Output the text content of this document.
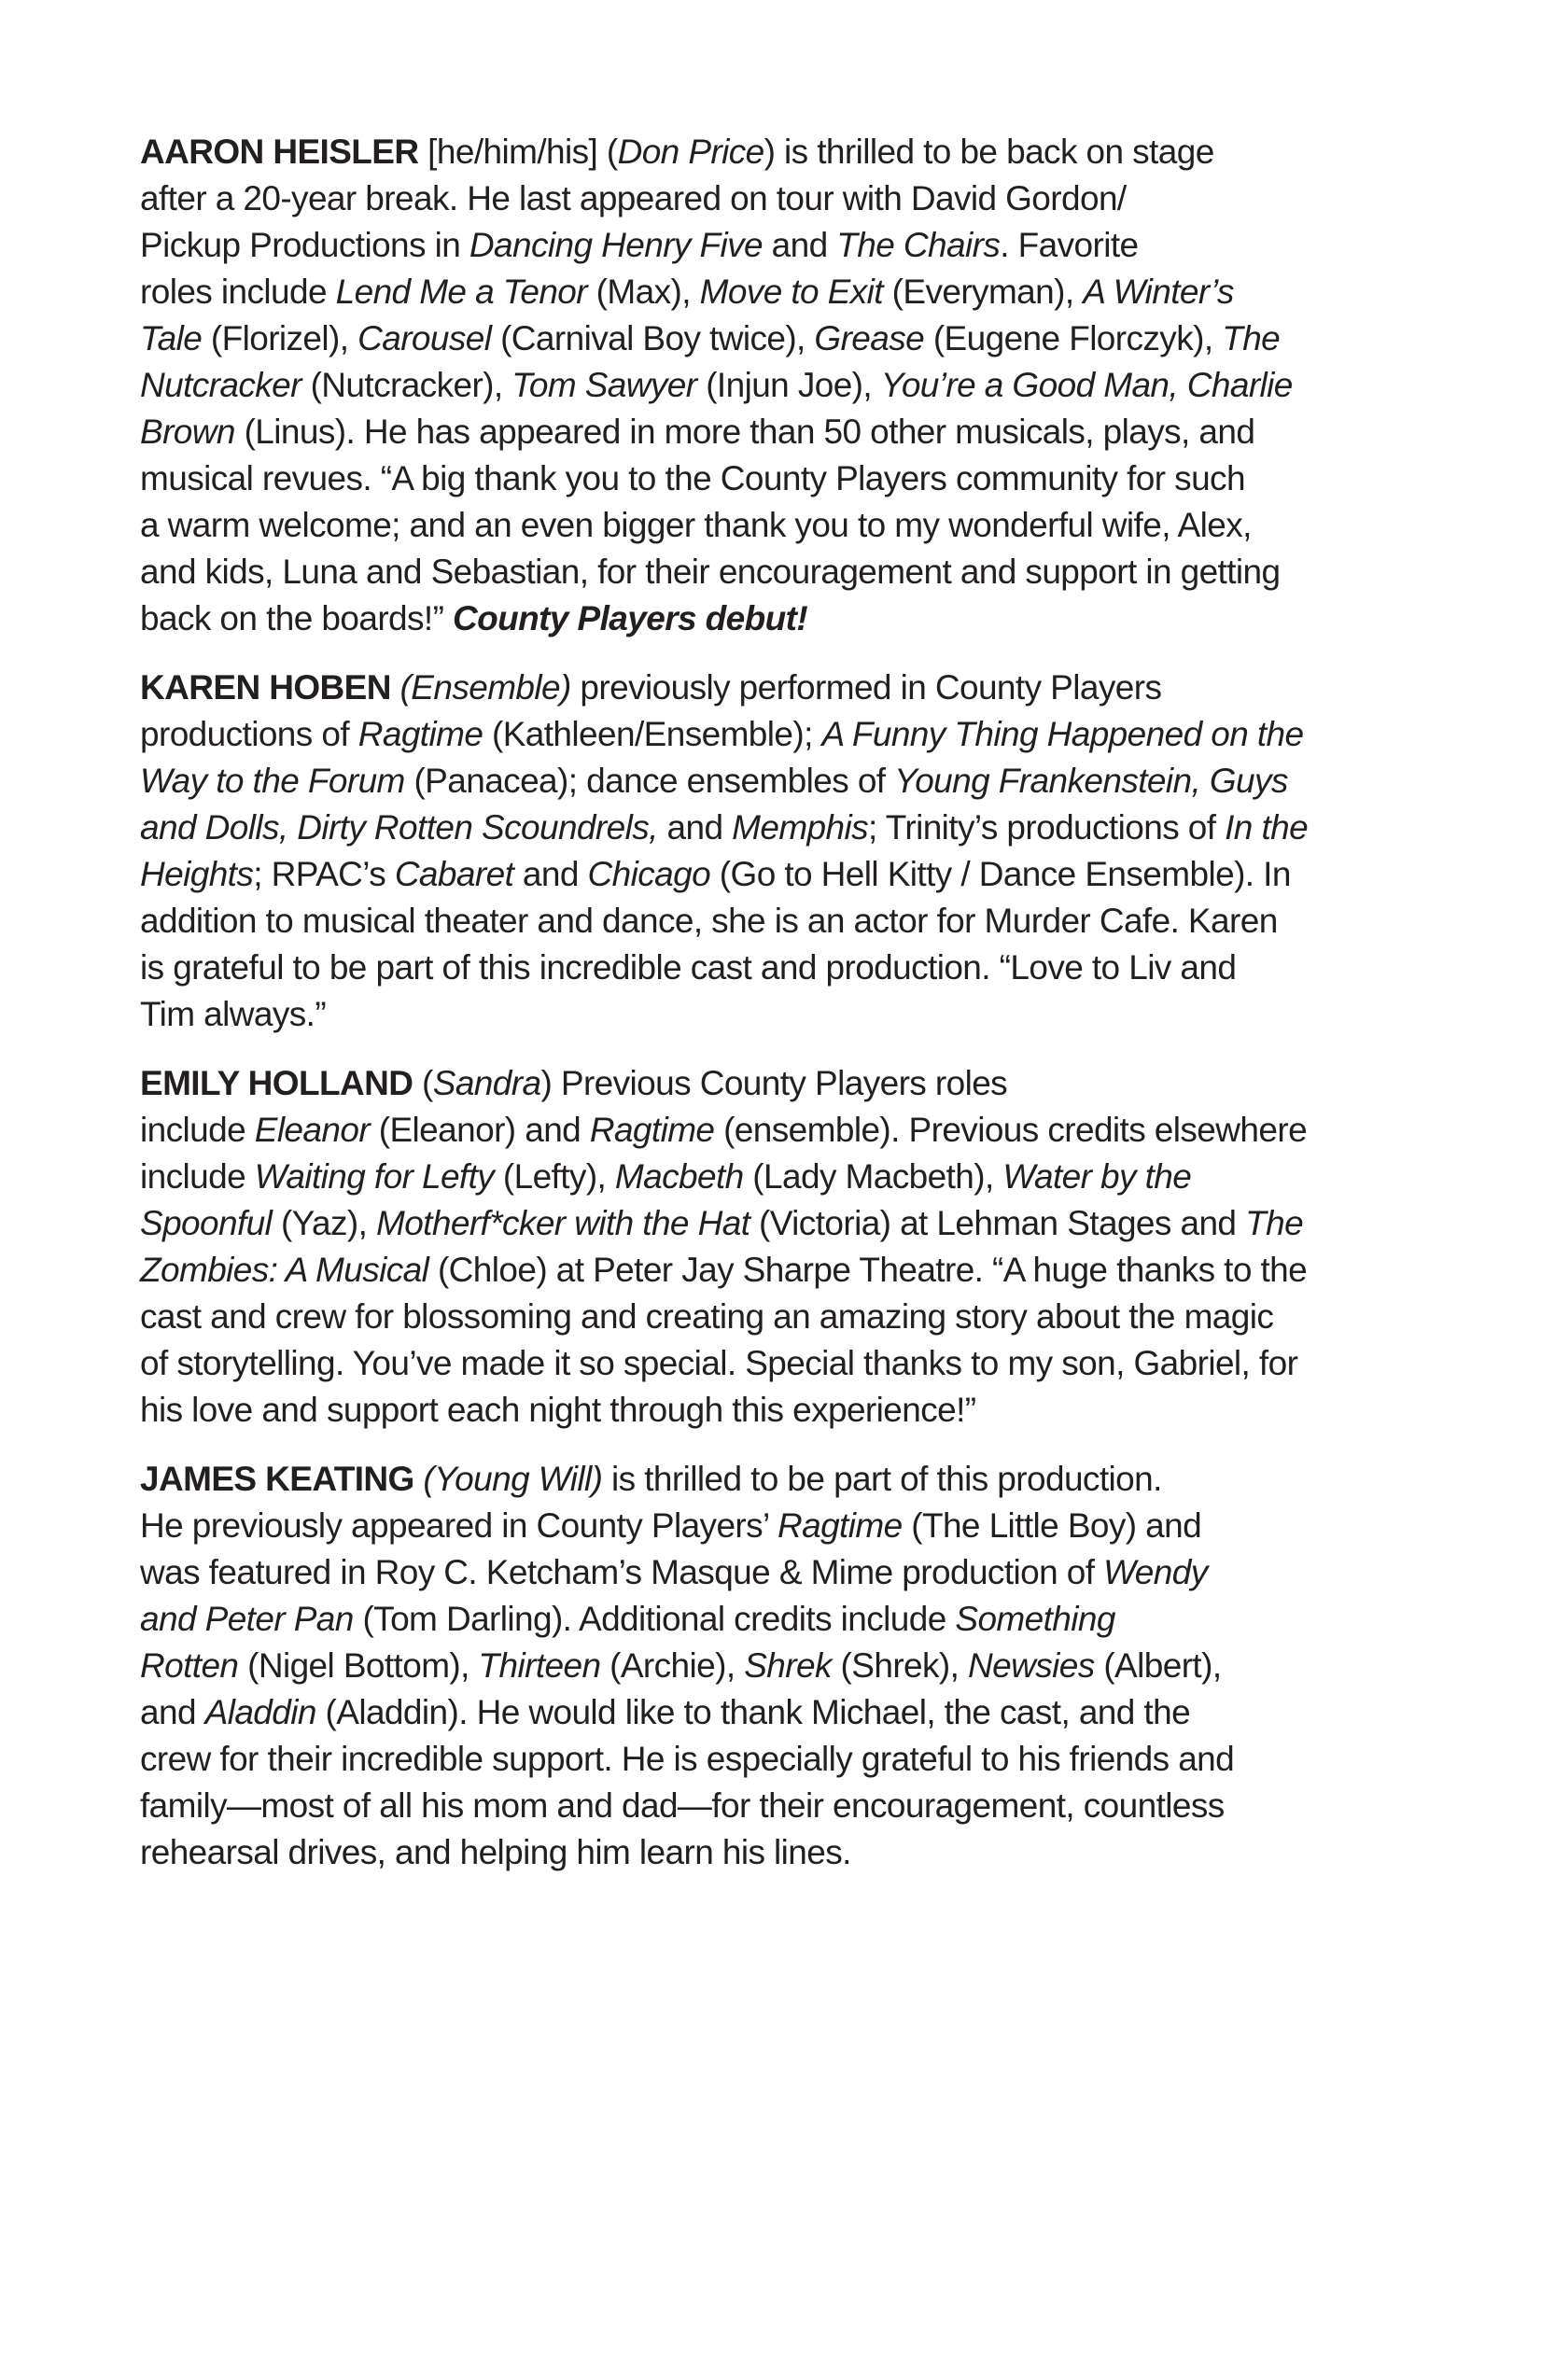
AARON HEISLER [he/him/his] (Don Price) is thrilled to be back on stage
after a 20-year break. He last appeared on tour with David Gordon/
Pickup Productions in Dancing Henry Five and The Chairs. Favorite
roles include Lend Me a Tenor (Max), Move to Exit (Everyman), A Winter’s
Tale (Florizel), Carousel (Carnival Boy twice), Grease (Eugene Florczyk), The
Nutcracker (Nutcracker), Tom Sawyer (Injun Joe), You’re a Good Man, Charlie
Brown (Linus). He has appeared in more than 50 other musicals, plays, and
musical revues. “A big thank you to the County Players community for such
a warm welcome; and an even bigger thank you to my wonderful wife, Alex,
and kids, Luna and Sebastian, for their encouragement and support in getting
back on the boards!” County Players debut!

KAREN HOBEN (Ensemble) previously performed in County Players
productions of Ragtime (Kathleen/Ensemble); A Funny Thing Happened on the
Way to the Forum (Panacea); dance ensembles of Young Frankenstein, Guys
and Dolls, Dirty Rotten Scoundrels, and Memphis; Trinity’s productions of In the
Heights; RPAC’s Cabaret and Chicago (Go to Hell Kitty / Dance Ensemble). In
addition to musical theater and dance, she is an actor for Murder Cafe. Karen
is grateful to be part of this incredible cast and production. “Love to Liv and
Tim always.”

EMILY HOLLAND (Sandra) Previous County Players roles
include Eleanor (Eleanor) and Ragtime (ensemble). Previous credits elsewhere
include Waiting for Lefty (Lefty), Macbeth (Lady Macbeth), Water by the
Spoonful (Yaz), Motherf*cker with the Hat (Victoria) at Lehman Stages and The
Zombies: A Musical (Chloe) at Peter Jay Sharpe Theatre. “A huge thanks to the
cast and crew for blossoming and creating an amazing story about the magic
of storytelling. You’ve made it so special. Special thanks to my son, Gabriel, for
his love and support each night through this experience!”

JAMES KEATING (Young Will) is thrilled to be part of this production.
He previously appeared in County Players’ Ragtime (The Little Boy) and
was featured in Roy C. Ketcham’s Masque & Mime production of Wendy
and Peter Pan (Tom Darling). Additional credits include Something
Rotten (Nigel Bottom), Thirteen (Archie), Shrek (Shrek), Newsies (Albert),
and Aladdin (Aladdin). He would like to thank Michael, the cast, and the
crew for their incredible support. He is especially grateful to his friends and
family—most of all his mom and dad—for their encouragement, countless
rehearsal drives, and helping him learn his lines.
